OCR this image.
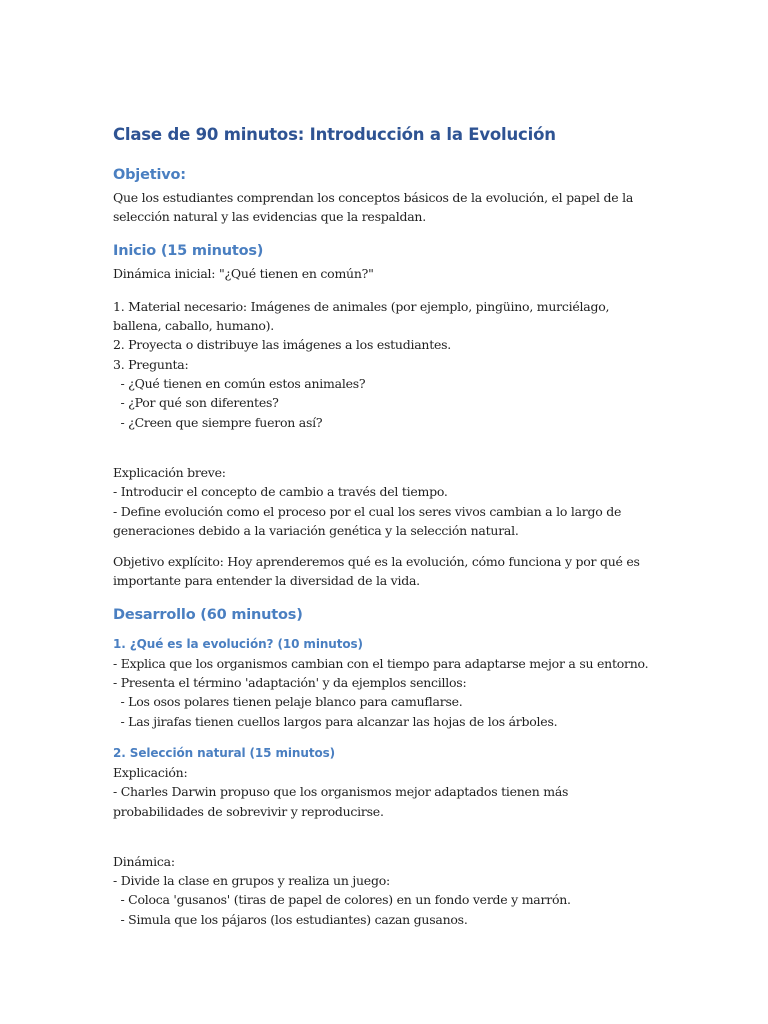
Clase de 90 minutos: Introducción a la Evolución
Objetivo:

Que los estudiantes comprendan los conceptos básicos de la evolución, el papel de la selección natural y las evidencias que la respaldan.

Inicio (15 minutos)

Dinámica inicial: "¿Qué tienen en común?"

1. Material necesario: Imágenes de animales (por ejemplo, pingüino, murciélago, ballena, caballo, humano).

2. Proyecta o distribuye las imágenes a los estudiantes.

3. Pregunta:

- ¿Qué tienen en común estos animales?

- ¿Por qué son diferentes?

- ¿Creen que siempre fueron así?

Explicación breve:

- Introducir el concepto de cambio a través del tiempo.

- Define evolución como el proceso por el cual los seres vivos cambian a lo largo de generaciones debido a la variación genética y la selección natural.

Objetivo explícito: Hoy aprenderemos qué es la evolución, cómo funciona y por qué es importante para entender la diversidad de la vida.

Desarrollo (60 minutos)
1. ¿Qué es la evolución? (10 minutos)

- Explica que los organismos cambian con el tiempo para adaptarse mejor a su entorno.

- Presenta el término 'adaptación' y da ejemplos sencillos:

- Los osos polares tienen pelaje blanco para camuflarse.

- Las jirafas tienen cuellos largos para alcanzar las hojas de los árboles.

2. Selección natural (15 minutos)

Explicación:

- Charles Darwin propuso que los organismos mejor adaptados tienen más probabilidades de sobrevivir y reproducirse.

Dinámica:

- Divide la clase en grupos y realiza un juego:

- Coloca 'gusanos' (tiras de papel de colores) en un fondo verde y marrón.

- Simula que los pájaros (los estudiantes) cazan gusanos.
